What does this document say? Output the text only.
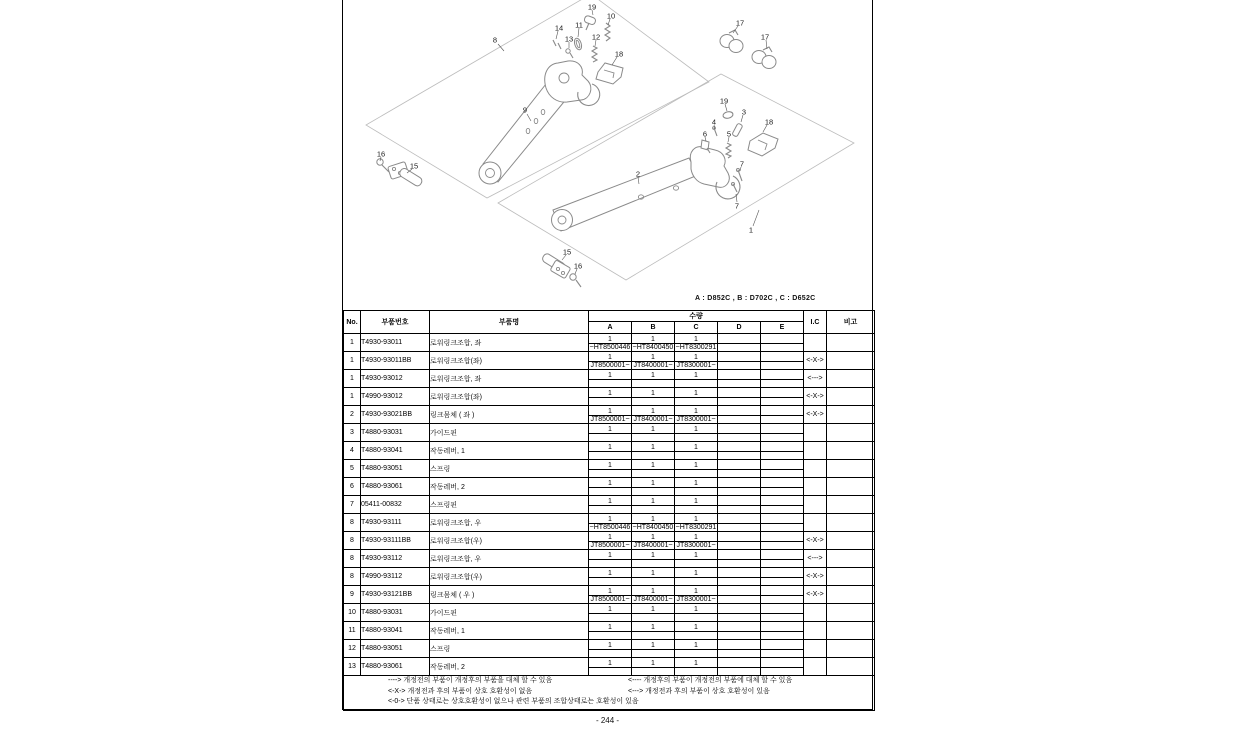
8
9
14 11
19
10
13 12
18
17
17
16
15
19
3
4
6	5
18
7
7
2
1
15
16
A : D852C , B : D702C , C : D652C
No.	부품번호	부품명	수량					I.C	비고
			A	B	C	D	E		
1	T4930-93011	로워링크조합, 좌	1	1	1				
			~HT8500446	~HT8400450	~HT8300291				
1	T4930-93011BB	로워링크조합(좌)	1	1	1			<-X->	
			JT8500001~	JT8400001~	JT8300001~				
1	T4930-93012	로워링크조합, 좌	1	1	1			<--->	

1	T4990-93012	로워링크조합(좌)	1	1	1			<-X->	

2	T4930-93021BB	링크몸체 ( 좌 )	1	1	1			<-X->	
			JT8500001~	JT8400001~	JT8300001~				
3	T4880-93031	가이드핀	1	1	1				

4	T4880-93041	작동레버, 1	1	1	1				

5	T4880-93051	스프링	1	1	1				

6	T4880-93061	작동레버, 2	1	1	1				

7	05411-00832	스프링핀	1	1	1				

8	T4930-93111	로워링크조합, 우	1	1	1				
			~HT8500446	~HT8400450	~HT8300291				
8	T4930-93111BB	로워링크조합(우)	1	1	1			<-X->	
			JT8500001~	JT8400001~	JT8300001~				
8	T4930-93112	로워링크조합, 우	1	1	1			<--->	

8	T4990-93112	로워링크조합(우)	1	1	1			<-X->	

9	T4930-93121BB	링크몸체 ( 우 )	1	1	1			<-X->	
			JT8500001~	JT8400001~	JT8300001~				
10	T4880-93031	가이드핀	1	1	1				

11	T4880-93041	작동레버, 1	1	1	1				

12	T4880-93051	스프링	1	1	1				

13	T4880-93061	작동레버, 2	1	1	1				

----> 개정전의 부품이 개정후의 부품을 대체 할 수 있음 <---- 개정후의 부품이 개정전의 부품에 대체 할 수 있음
<-X-> 개정전과 후의 부품이 상호 호환성이 없음 <---> 개정전과 후의 부품이 상호 호환성이 있음
<-0-> 단품 상태로는 상호호환성이 없으나 관련 부품의 조합상태로는 호환성이 있음									
- 244 -
